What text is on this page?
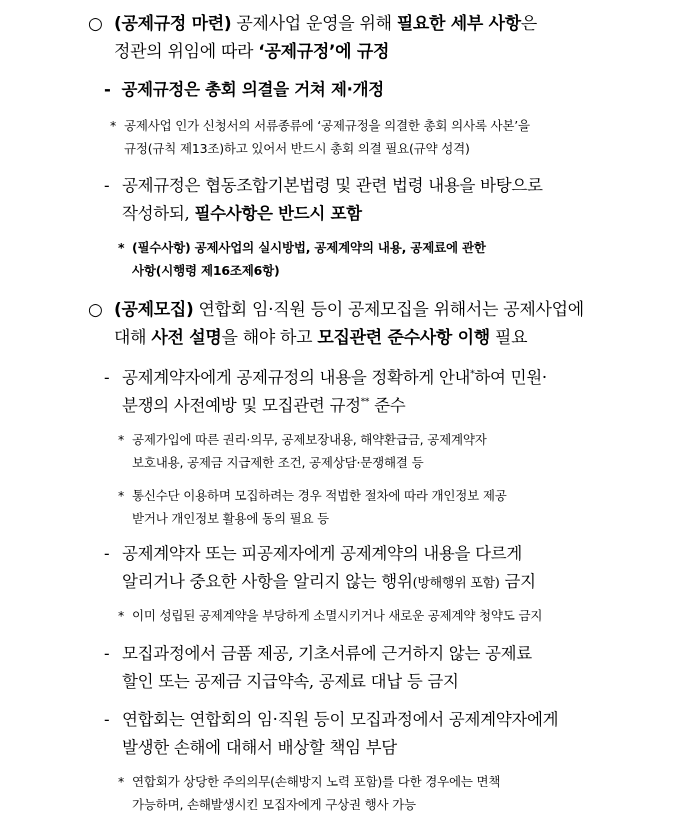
○ (공제규정 마련) 공제사업 운영을 위해 필요한 세부 사항은
정관의 위임에 따라 ‘공제규정’에 규정
- 공제규정은 총회 의결을 거쳐 제·개정
* 공제사업 인가 신청서의 서류종류에 ‘공제규정을 의결한 총회 의사록 사본’을
규정(규칙 제13조)하고 있어서 반드시 총회 의결 필요(규약 성격)
- 공제규정은 협동조합기본법령 및 관련 법령 내용을 바탕으로
작성하되, 필수사항은 반드시 포함
* (필수사항) 공제사업의 실시방법, 공제계약의 내용, 공제료에 관한
사항(시행령 제16조제6항)
○ (공제모집) 연합회 임·직원 등이 공제모집을 위해서는 공제사업에
대해 사전 설명을 해야 하고 모집관련 준수사항 이행 필요
- 공제계약자에게 공제규정의 내용을 정확하게 안내*하여 민원·
분쟁의 사전예방 및 모집관련 규정** 준수
* 공제가입에 따른 권리·의무, 공제보장내용, 해약환급금, 공제계약자
보호내용, 공제금 지급제한 조건, 공제상담·문쟁해결 등
* 통신수단 이용하며 모집하려는 경우 적법한 절차에 따라 개인정보 제공
받거나 개인정보 활용에 동의 필요 등
- 공제계약자 또는 피공제자에게 공제계약의 내용을 다르게
알리거나 중요한 사항을 알리지 않는 행위(방해행위 포함) 금지
* 이미 성립된 공제계약을 부당하게 소멸시키거나 새로운 공제계약 청약도 금지
- 모집과정에서 금품 제공, 기초서류에 근거하지 않는 공제료
할인 또는 공제금 지급약속, 공제료 대납 등 금지
- 연합회는 연합회의 임·직원 등이 모집과정에서 공제계약자에게
발생한 손해에 대해서 배상할 책임 부담
* 연합회가 상당한 주의의무(손해방지 노력 포함)를 다한 경우에는 면책
가능하며, 손해발생시킨 모집자에게 구상권 행사 가능
